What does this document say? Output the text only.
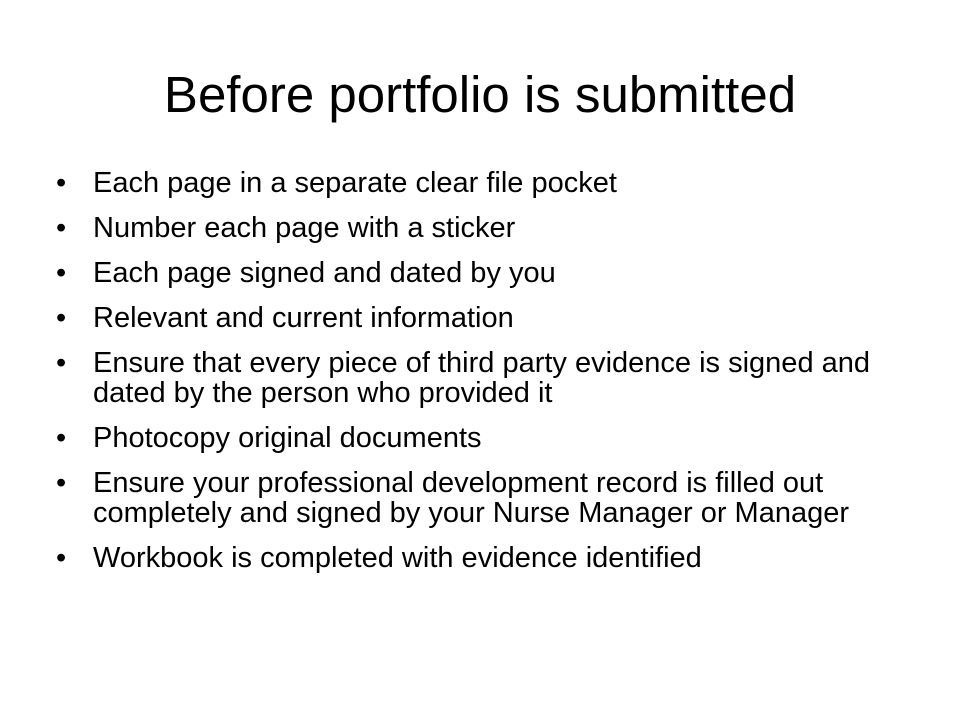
Before portfolio is submitted
• Each page in a separate clear file pocket
• Number each page with a sticker
• Each page signed and dated by you
• Relevant and current information
• Ensure that every piece of third party evidence is signed and dated by the person who provided it
• Photocopy original documents
• Ensure your professional development record is filled out completely and signed by your Nurse Manager or Manager
• Workbook is completed with evidence identified
